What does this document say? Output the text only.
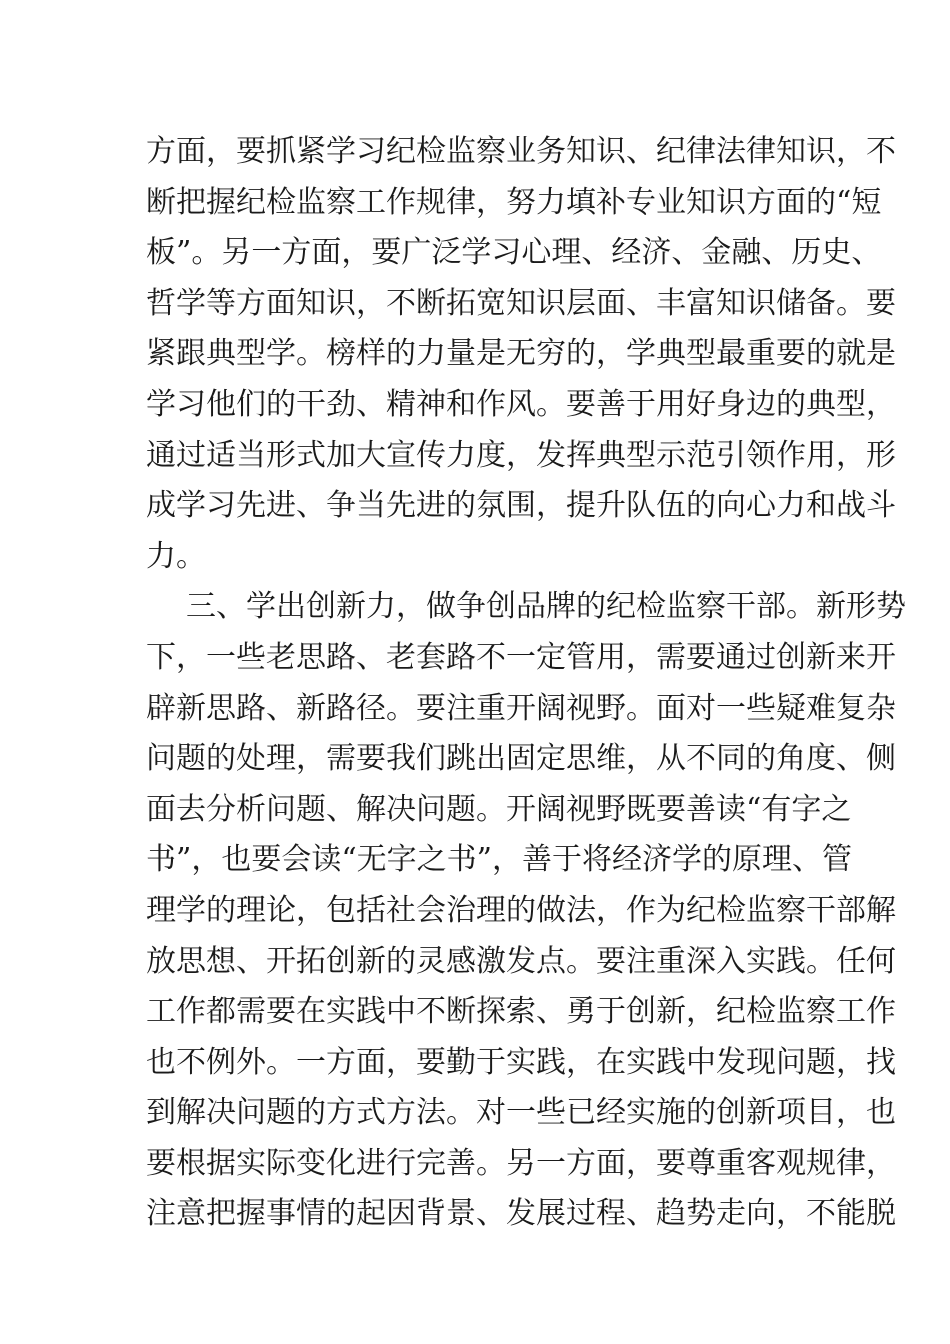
方面，要抓紧学习纪检监察业务知识、纪律法律知识，不
断把握纪检监察工作规律，努力填补专业知识方面的“短
板”。另一方面，要广泛学习心理、经济、金融、历史、
哲学等方面知识，不断拓宽知识层面、丰富知识储备。要
紧跟典型学。榜样的力量是无穷的，学典型最重要的就是
学习他们的干劲、精神和作风。要善于用好身边的典型，
通过适当形式加大宣传力度，发挥典型示范引领作用，形
成学习先进、争当先进的氛围，提升队伍的向心力和战斗
力。
三、学出创新力，做争创品牌的纪检监察干部。新形势
下，一些老思路、老套路不一定管用，需要通过创新来开
辟新思路、新路径。要注重开阔视野。面对一些疑难复杂
问题的处理，需要我们跳出固定思维，从不同的角度、侧
面去分析问题、解决问题。开阔视野既要善读“有字之
书”，也要会读“无字之书”，善于将经济学的原理、管
理学的理论，包括社会治理的做法，作为纪检监察干部解
放思想、开拓创新的灵感激发点。要注重深入实践。任何
工作都需要在实践中不断探索、勇于创新，纪检监察工作
也不例外。一方面，要勤于实践，在实践中发现问题，找
到解决问题的方式方法。对一些已经实施的创新项目，也
要根据实际变化进行完善。另一方面，要尊重客观规律，
注意把握事情的起因背景、发展过程、趋势走向，不能脱
